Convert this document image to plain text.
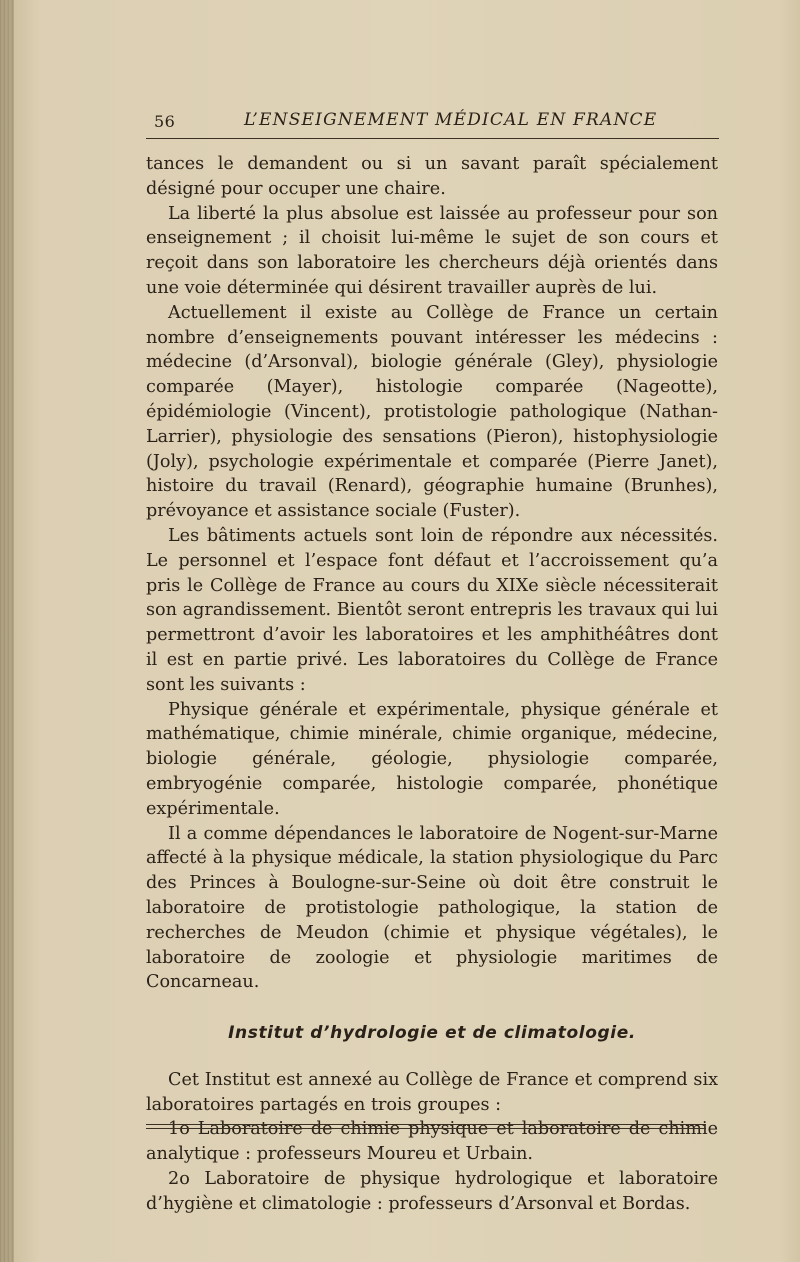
56	L’ENSEIGNEMENT MÉDICAL EN FRANCE

tances le demandent ou si un savant paraît spécialement désigné pour occuper une chaire.

La liberté la plus absolue est laissée au professeur pour son enseignement ; il choisit lui-même le sujet de son cours et reçoit dans son laboratoire les chercheurs déjà orientés dans une voie déterminée qui désirent travailler auprès de lui.

Actuellement il existe au Collège de France un certain nombre d’enseignements pouvant intéresser les médecins : médecine (d’Arsonval), biologie générale (Gley), physiologie comparée (Mayer), histologie comparée (Nageotte), épidémiologie (Vincent), protistologie pathologique (Nathan-Larrier), physiologie des sensations (Pieron), histophysiologie (Joly), psychologie expérimentale et comparée (Pierre Janet), histoire du travail (Renard), géographie humaine (Brunhes), prévoyance et assistance sociale (Fuster).

Les bâtiments actuels sont loin de répondre aux nécessités. Le personnel et l’espace font défaut et l’accroissement qu’a pris le Collège de France au cours du XIXe siècle nécessiterait son agrandissement. Bientôt seront entrepris les travaux qui lui permettront d’avoir les laboratoires et les amphithéâtres dont il est en partie privé. Les laboratoires du Collège de France sont les suivants :

Physique générale et expérimentale, physique générale et mathématique, chimie minérale, chimie organique, médecine, biologie générale, géologie, physiologie comparée, embryogénie comparée, histologie comparée, phonétique expérimentale.

Il a comme dépendances le laboratoire de Nogent-sur-Marne affecté à la physique médicale, la station physiologique du Parc des Princes à Boulogne-sur-Seine où doit être construit le laboratoire de protistologie pathologique, la station de recherches de Meudon (chimie et physique végétales), le laboratoire de zoologie et physiologie maritimes de Concarneau.

Institut d’hydrologie et de climatologie.

Cet Institut est annexé au Collège de France et comprend six laboratoires partagés en trois groupes :

1o Laboratoire de chimie physique et laboratoire de chimie analytique : professeurs Moureu et Urbain.

2o Laboratoire de physique hydrologique et laboratoire d’hygiène et climatologie : professeurs d’Arsonval et Bordas.
